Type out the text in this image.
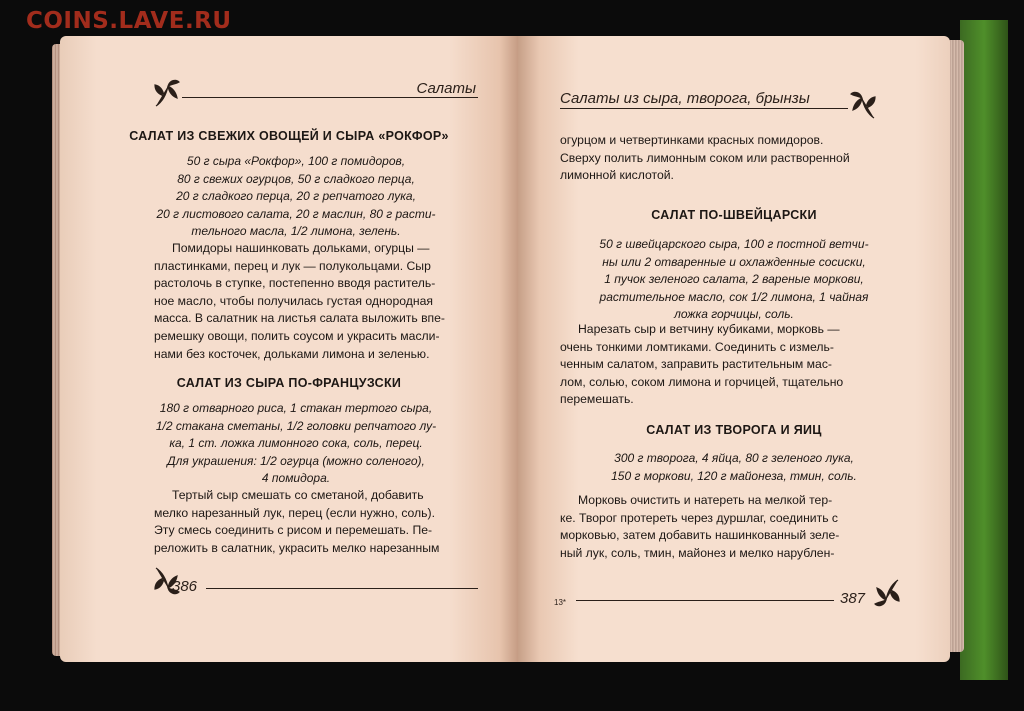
COINS.LAVE.RU
Салаты
САЛАТ ИЗ СВЕЖИХ ОВОЩЕЙ И СЫРА «РОКФОР»
50 г сыра «Рокфор», 100 г помидоров,
80 г свежих огурцов, 50 г сладкого перца,
20 г сладкого перца, 20 г репчатого лука,
20 г листового салата, 20 г маслин, 80 г расти-
тельного масла, 1/2 лимона, зелень.
Помидоры нашинковать дольками, огурцы —
пластинками, перец и лук — полукольцами. Сыр
растолочь в ступке, постепенно вводя раститель-
ное масло, чтобы получилась густая однородная
масса. В салатник на листья салата выложить впе-
ремешку овощи, полить соусом и украсить масли-
нами без косточек, дольками лимона и зеленью.
САЛАТ ИЗ СЫРА ПО-ФРАНЦУЗСКИ
180 г отварного риса, 1 стакан тертого сыра,
1/2 стакана сметаны, 1/2 головки репчатого лу-
ка, 1 ст. ложка лимонного сока, соль, перец.
Для украшения: 1/2 огурца (можно соленого),
4 помидора.
Тертый сыр смешать со сметаной, добавить
мелко нарезанный лук, перец (если нужно, соль).
Эту смесь соединить с рисом и перемешать. Пе-
реложить в салатник, украсить мелко нарезанным
386
Салаты из сыра, творога, брынзы
огурцом и четвертинками красных помидоров.
Сверху полить лимонным соком или растворенной
лимонной кислотой.
САЛАТ ПО-ШВЕЙЦАРСКИ
50 г швейцарского сыра, 100 г постной ветчи-
ны или 2 отваренные и охлажденные сосиски,
1 пучок зеленого салата, 2 вареные моркови,
растительное масло, сок 1/2 лимона, 1 чайная
ложка горчицы, соль.
Нарезать сыр и ветчину кубиками, морковь —
очень тонкими ломтиками. Соединить с измель-
ченным салатом, заправить растительным мас-
лом, солью, соком лимона и горчицей, тщательно
перемешать.
САЛАТ ИЗ ТВОРОГА И ЯИЦ
300 г творога, 4 яйца, 80 г зеленого лука,
150 г моркови, 120 г майонеза, тмин, соль.
Морковь очистить и натереть на мелкой тер-
ке. Творог протереть через дуршлаг, соединить с
морковью, затем добавить нашинкованный зеле-
ный лук, соль, тмин, майонез и мелко нарублен-
13*	387
